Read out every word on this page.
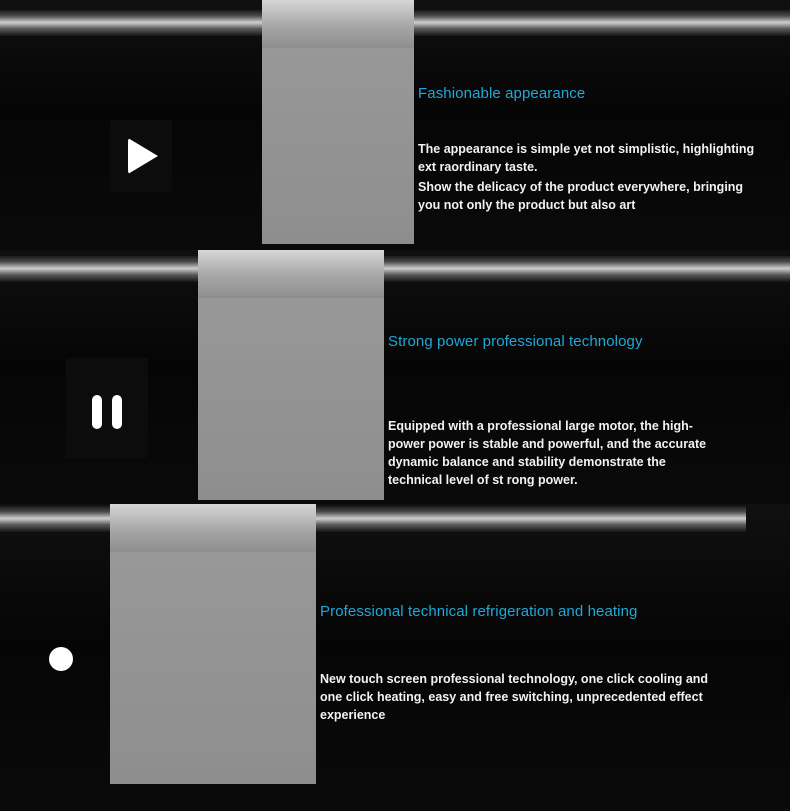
Fashionable appearance

The appearance is simple yet not simplistic, highlighting ext raordinary taste.

Show the delicacy of the product everywhere, bringing you not only the product but also art

Strong power professional technology

Equipped with a professional large motor, the high-power power is stable and powerful, and the accurate dynamic balance and stability demonstrate the technical level of st rong power.

Professional technical refrigeration and heating

New touch screen professional technology, one click cooling and one click heating, easy and free switching, unprecedented effect experience
